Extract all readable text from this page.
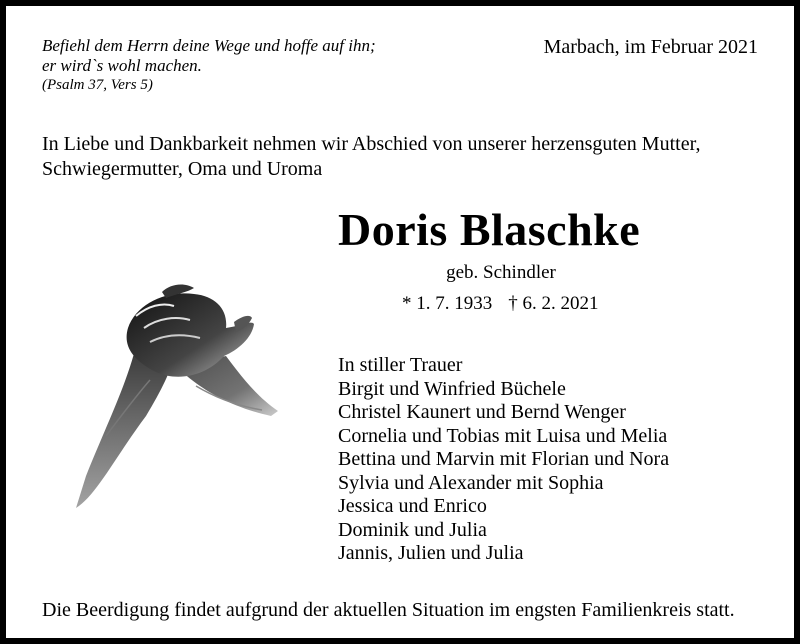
Befiehl dem Herrn deine Wege und hoffe auf ihn;
er wird`s wohl machen.
(Psalm 37, Vers 5)
Marbach, im Februar 2021
In Liebe und Dankbarkeit nehmen wir Abschied von unserer herzensguten Mutter,
Schwiegermutter, Oma und Uroma
Doris Blaschke
geb. Schindler
* 1. 7. 1933 † 6. 2. 2021
In stiller Trauer
Birgit und Winfried Büchele
Christel Kaunert und Bernd Wenger
Cornelia und Tobias mit Luisa und Melia
Bettina und Marvin mit Florian und Nora
Sylvia und Alexander mit Sophia
Jessica und Enrico
Dominik und Julia
Jannis, Julien und Julia
Die Beerdigung findet aufgrund der aktuellen Situation im engsten Familienkreis statt.
